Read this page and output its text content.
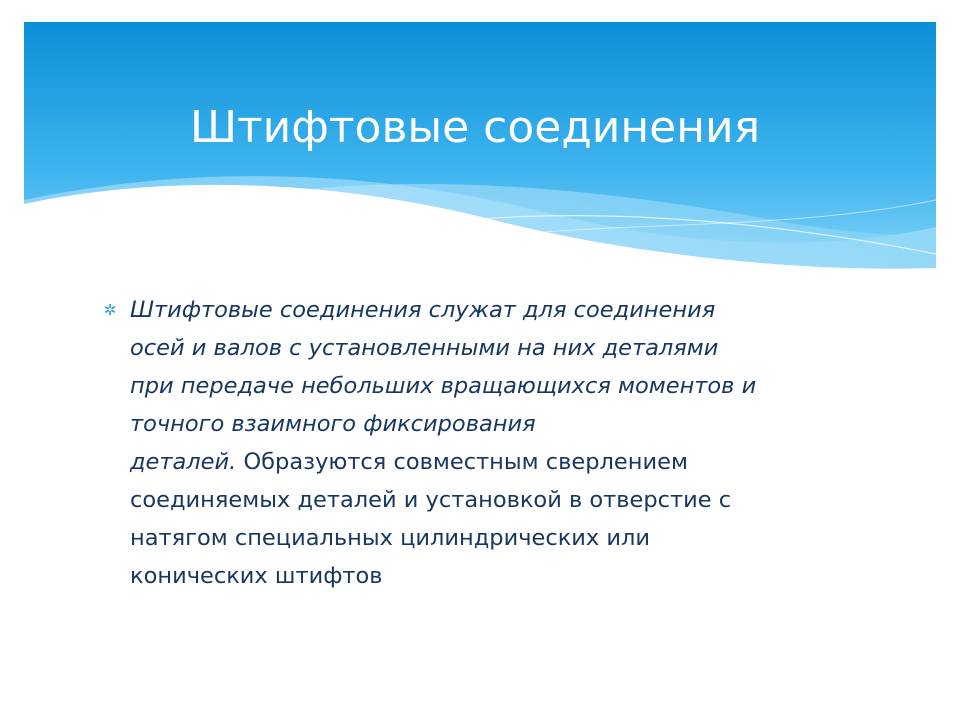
Штифтовые соединения
✲ Штифтовые соединения служат для соединения
осей и валов с установленными на них деталями
при передаче небольших вращающихся моментов и
точного взаимного фиксирования
деталей. Образуются совместным сверлением
соединяемых деталей и установкой в отверстие с
натягом специальных цилиндрических или
конических штифтов
